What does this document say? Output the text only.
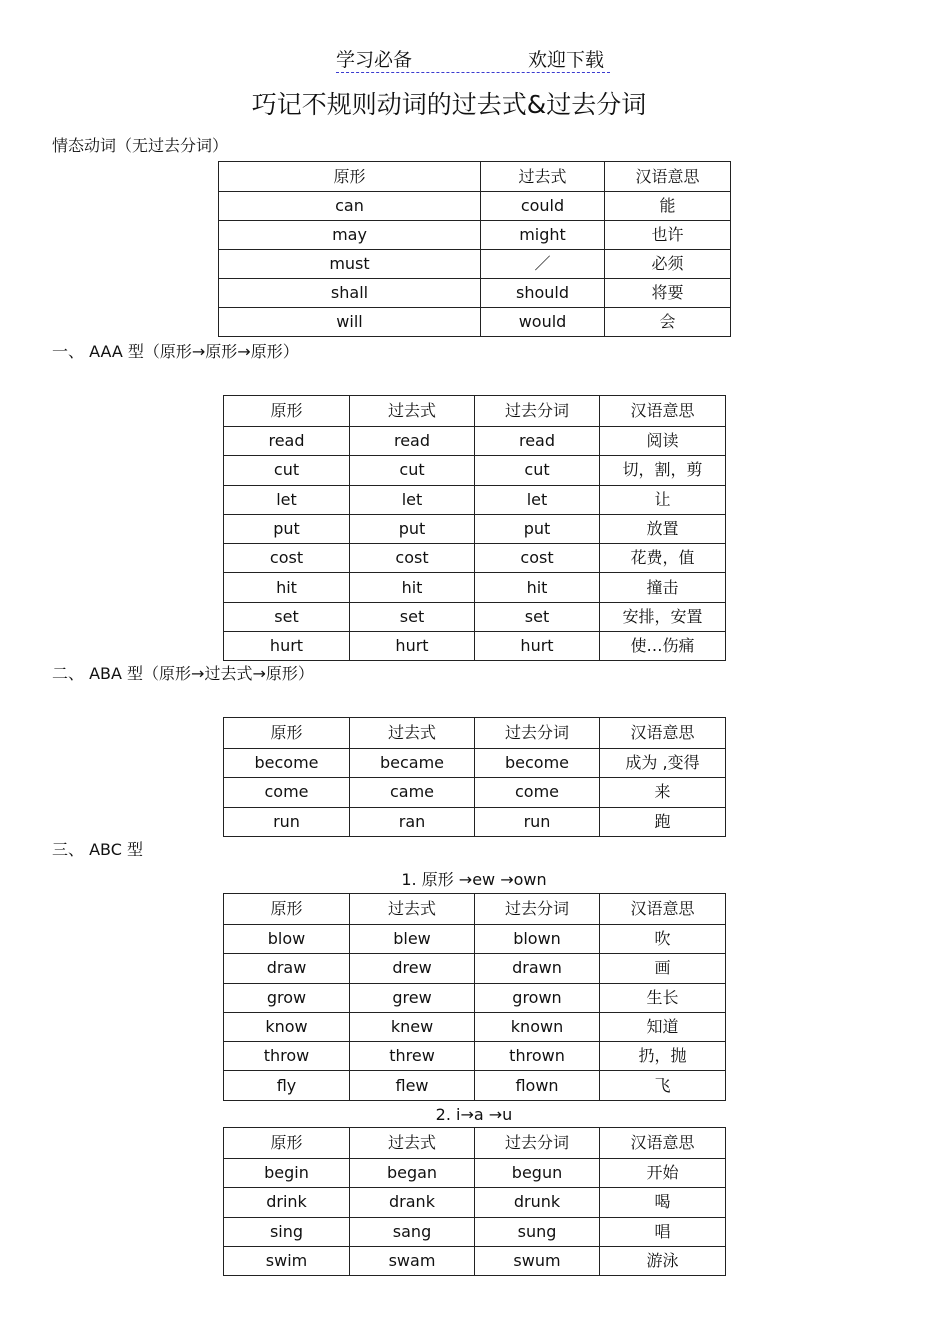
学习必备	欢迎下载
巧记不规则动词的过去式&过去分词
情态动词（无过去分词）
原形	过去式	汉语意思
can	could	能
may	might	也许
must	／	必须
shall	should	将要
will	would	会
一、 AAA 型（原形→原形→原形）
原形	过去式	过去分词	汉语意思
read	read	read	阅读
cut	cut	cut	切，割，剪
let	let	let	让
put	put	put	放置
cost	cost	cost	花费，值
hit	hit	hit	撞击
set	set	set	安排，安置
hurt	hurt	hurt	使…伤痛
二、 ABA 型（原形→过去式→原形）
原形	过去式	过去分词	汉语意思
become	became	become	成为 ,变得
come	came	come	来
run	ran	run	跑
三、 ABC 型
1. 原形 →ew →own
原形	过去式	过去分词	汉语意思
blow	blew	blown	吹
draw	drew	drawn	画
grow	grew	grown	生长
know	knew	known	知道
throw	threw	thrown	扔，抛
fly	flew	flown	飞
2. i→a →u
原形	过去式	过去分词	汉语意思
begin	began	begun	开始
drink	drank	drunk	喝
sing	sang	sung	唱
swim	swam	swum	游泳
